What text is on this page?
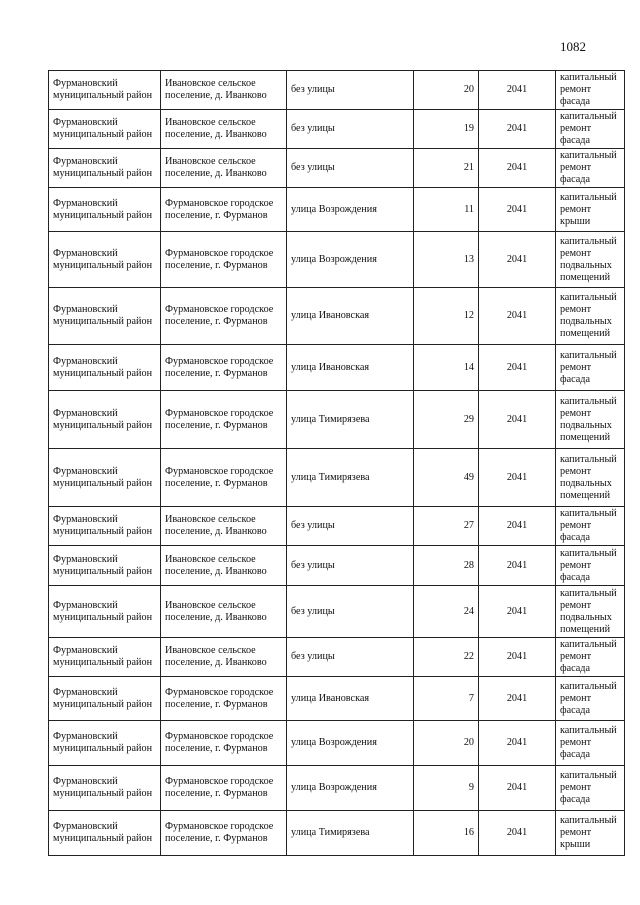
1082
Фурмановский муниципальный район	Ивановское сельское поселение, д. Иванково	без улицы	20	2041	капитальный ремонт фасада
Фурмановский муниципальный район	Ивановское сельское поселение, д. Иванково	без улицы	19	2041	капитальный ремонт фасада
Фурмановский муниципальный район	Ивановское сельское поселение, д. Иванково	без улицы	21	2041	капитальный ремонт фасада
Фурмановский муниципальный район	Фурмановское городское поселение, г. Фурманов	улица Возрождения	11	2041	капитальный ремонт крыши
Фурмановский муниципальный район	Фурмановское городское поселение, г. Фурманов	улица Возрождения	13	2041	капитальный ремонт подвальных помещений
Фурмановский муниципальный район	Фурмановское городское поселение, г. Фурманов	улица Ивановская	12	2041	капитальный ремонт подвальных помещений
Фурмановский муниципальный район	Фурмановское городское поселение, г. Фурманов	улица Ивановская	14	2041	капитальный ремонт фасада
Фурмановский муниципальный район	Фурмановское городское поселение, г. Фурманов	улица Тимирязева	29	2041	капитальный ремонт подвальных помещений
Фурмановский муниципальный район	Фурмановское городское поселение, г. Фурманов	улица Тимирязева	49	2041	капитальный ремонт подвальных помещений
Фурмановский муниципальный район	Ивановское сельское поселение, д. Иванково	без улицы	27	2041	капитальный ремонт фасада
Фурмановский муниципальный район	Ивановское сельское поселение, д. Иванково	без улицы	28	2041	капитальный ремонт фасада
Фурмановский муниципальный район	Ивановское сельское поселение, д. Иванково	без улицы	24	2041	капитальный ремонт подвальных помещений
Фурмановский муниципальный район	Ивановское сельское поселение, д. Иванково	без улицы	22	2041	капитальный ремонт фасада
Фурмановский муниципальный район	Фурмановское городское поселение, г. Фурманов	улица Ивановская	7	2041	капитальный ремонт фасада
Фурмановский муниципальный район	Фурмановское городское поселение, г. Фурманов	улица Возрождения	20	2041	капитальный ремонт фасада
Фурмановский муниципальный район	Фурмановское городское поселение, г. Фурманов	улица Возрождения	9	2041	капитальный ремонт фасада
Фурмановский муниципальный район	Фурмановское городское поселение, г. Фурманов	улица Тимирязева	16	2041	капитальный ремонт крыши
